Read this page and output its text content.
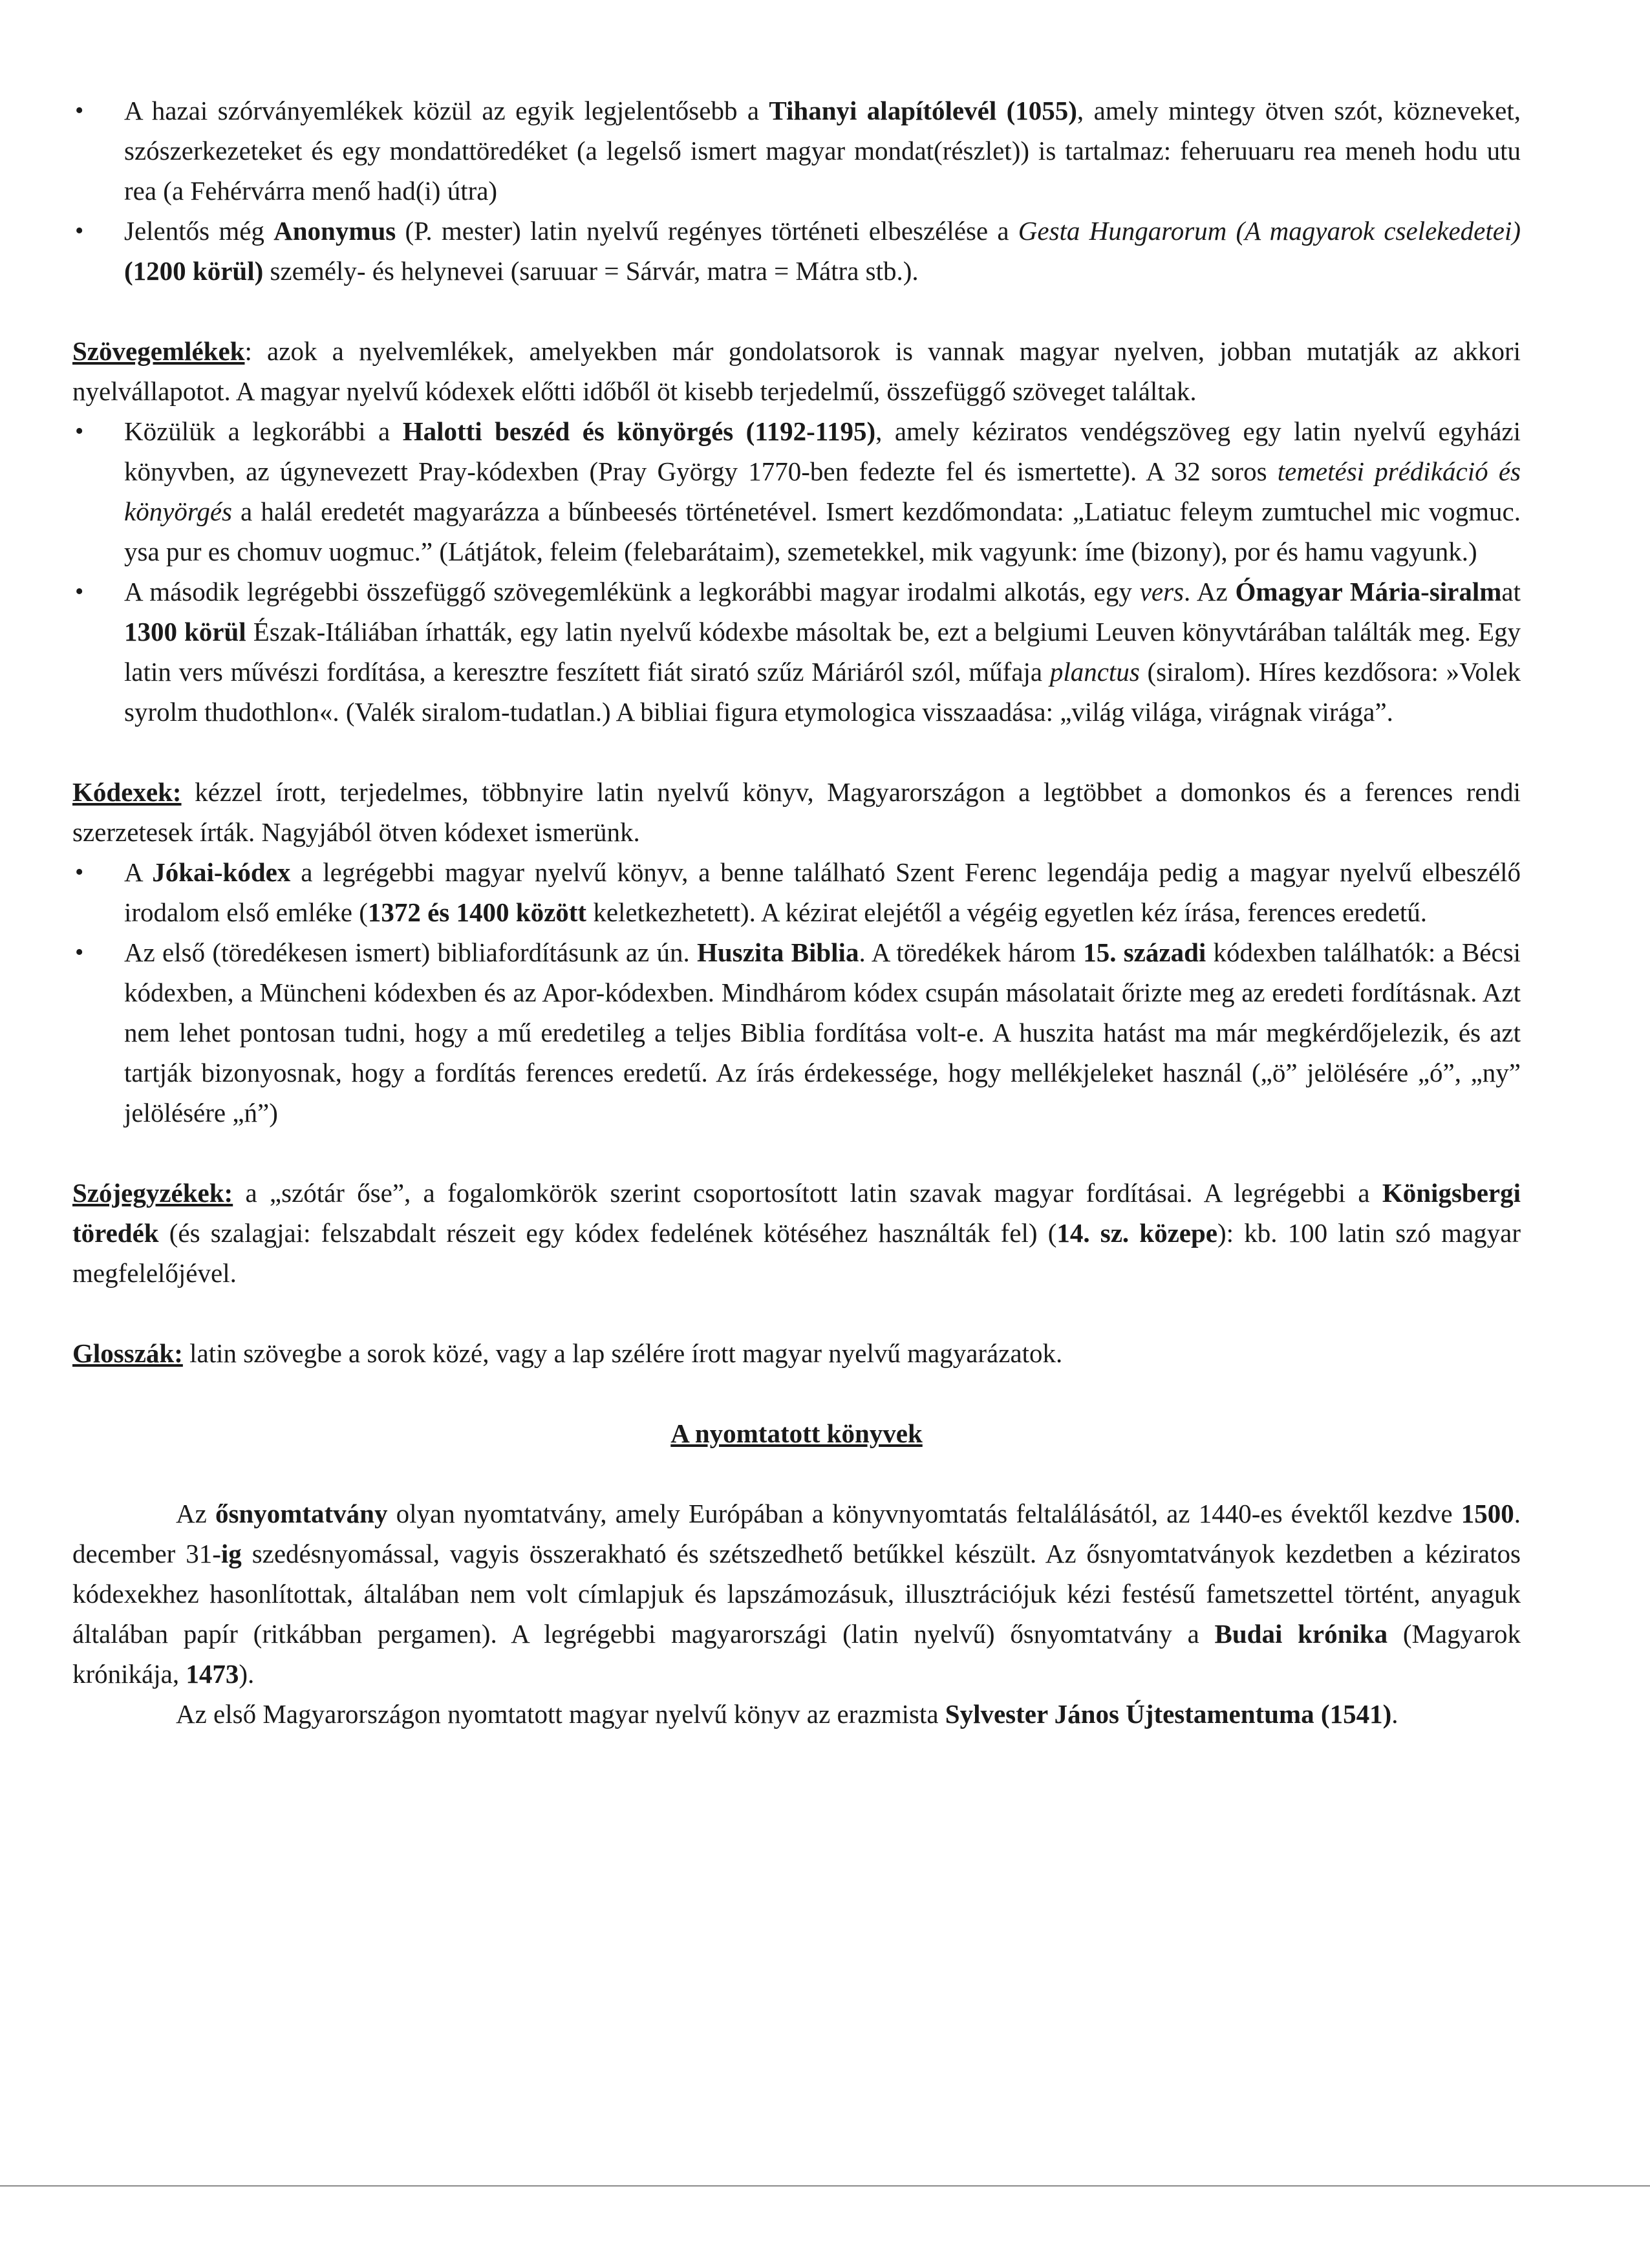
• A hazai szórványemlékek közül az egyik legjelentősebb a Tihanyi alapítólevél (1055), amely mintegy ötven szót, közneveket, szószerkezeteket és egy mondattöredéket (a legelső ismert magyar mondat(részlet)) is tartalmaz: feheruuaru rea meneh hodu utu rea (a Fehérvárra menő had(i) útra)
• Jelentős még Anonymus (P. mester) latin nyelvű regényes történeti elbeszélése a Gesta Hungarorum (A magyarok cselekedetei) (1200 körül) személy- és helynevei (saruuar = Sárvár, matra = Mátra stb.).

Szövegemlékek: azok a nyelvemlékek, amelyekben már gondolatsorok is vannak magyar nyelven, jobban mutatják az akkori nyelvállapotot. A magyar nyelvű kódexek előtti időből öt kisebb terjedelmű, összefüggő szöveget találtak.

• Közülük a legkorábbi a Halotti beszéd és könyörgés (1192-1195), amely kéziratos vendégszöveg egy latin nyelvű egyházi könyvben, az úgynevezett Pray-kódexben (Pray György 1770-ben fedezte fel és ismertette). A 32 soros temetési prédikáció és könyörgés a halál eredetét magyarázza a bűnbeesés történetével. Ismert kezdőmondata: „Latiatuc feleym zumtuchel mic vogmuc. ysa pur es chomuv uogmuc.” (Látjátok, feleim (felebarátaim), szemetekkel, mik vagyunk: íme (bizony), por és hamu vagyunk.)
• A második legrégebbi összefüggő szövegemlékünk a legkorábbi magyar irodalmi alkotás, egy vers. Az Ómagyar Mária-siralmat 1300 körül Észak-Itáliában írhatták, egy latin nyelvű kódexbe másoltak be, ezt a belgiumi Leuven könyvtárában találták meg. Egy latin vers művészi fordítása, a keresztre feszített fiát sirató szűz Máriáról szól, műfaja planctus (siralom). Híres kezdősora: »Volek syrolm thudothlon«. (Valék siralom-tudatlan.) A bibliai figura etymologica visszaadása: „világ világa, virágnak virága”.

Kódexek: kézzel írott, terjedelmes, többnyire latin nyelvű könyv, Magyarországon a legtöbbet a domonkos és a ferences rendi szerzetesek írták. Nagyjából ötven kódexet ismerünk.

• A Jókai-kódex a legrégebbi magyar nyelvű könyv, a benne található Szent Ferenc legendája pedig a magyar nyelvű elbeszélő irodalom első emléke (1372 és 1400 között keletkezhetett). A kézirat elejétől a végéig egyetlen kéz írása, ferences eredetű.
• Az első (töredékesen ismert) bibliafordításunk az ún. Huszita Biblia. A töredékek három 15. századi kódexben találhatók: a Bécsi kódexben, a Müncheni kódexben és az Apor-kódexben. Mindhárom kódex csupán másolatait őrizte meg az eredeti fordításnak. Azt nem lehet pontosan tudni, hogy a mű eredetileg a teljes Biblia fordítása volt-e. A huszita hatást ma már megkérdőjelezik, és azt tartják bizonyosnak, hogy a fordítás ferences eredetű. Az írás érdekessége, hogy mellékjeleket használ („ö” jelölésére „ó”, „ny” jelölésére „ń”)

Szójegyzékek: a „szótár őse”, a fogalomkörök szerint csoportosított latin szavak magyar fordításai. A legrégebbi a Königsbergi töredék (és szalagjai: felszabdalt részeit egy kódex fedelének kötéséhez használták fel) (14. sz. közepe): kb. 100 latin szó magyar megfelelőjével.

Glosszák: latin szövegbe a sorok közé, vagy a lap szélére írott magyar nyelvű magyarázatok.

A nyomtatott könyvek

Az ősnyomtatvány olyan nyomtatvány, amely Európában a könyvnyomtatás feltalálásától, az 1440-es évektől kezdve 1500. december 31-ig szedésnyomással, vagyis összerakható és szétszedhető betűkkel készült. Az ősnyomtatványok kezdetben a kéziratos kódexekhez hasonlítottak, általában nem volt címlapjuk és lapszámozásuk, illusztrációjuk kézi festésű fametszettel történt, anyaguk általában papír (ritkábban pergamen). A legrégebbi magyarországi (latin nyelvű) ősnyomtatvány a Budai krónika (Magyarok krónikája, 1473).

Az első Magyarországon nyomtatott magyar nyelvű könyv az erazmista Sylvester János Újtestamentuma (1541).
